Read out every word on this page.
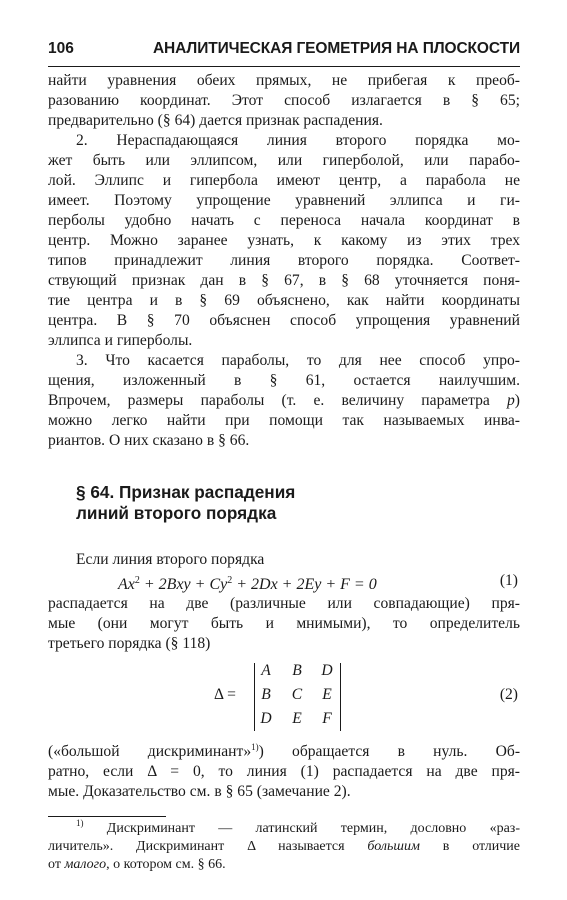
106	АНАЛИТИЧЕСКАЯ ГЕОМЕТРИЯ НА ПЛОСКОСТИ
найти уравнения обеих прямых, не прибегая к преоб-
разованию координат. Этот способ излагается в § 65;
предварительно (§ 64) дается признак распадения.
2. Нераспадающаяся линия второго порядка мо-
жет быть или эллипсом, или гиперболой, или парабо-
лой. Эллипс и гипербола имеют центр, а парабола не
имеет. Поэтому упрощение уравнений эллипса и ги-
перболы удобно начать с переноса начала координат в
центр. Можно заранее узнать, к какому из этих трех
типов принадлежит линия второго порядка. Соответ-
ствующий признак дан в § 67, в § 68 уточняется поня-
тие центра и в § 69 объяснено, как найти координаты
центра. В § 70 объяснен способ упрощения уравнений
эллипса и гиперболы.
3. Что касается параболы, то для нее способ упро-
щения, изложенный в § 61, остается наилучшим.
Впрочем, размеры параболы (т. е. величину параметра p)
можно легко найти при помощи так называемых инва-
риантов. О них сказано в § 66.
§ 64. Признак распадения
линий второго порядка
Если линия второго порядка
$Ax^2 + 2Bxy + Cy^2 + 2Dx + 2Ey + F = 0$	(1)
распадается на две (различные или совпадающие) пря-
мые (они могут быть и мнимыми), то определитель
третьего порядка (§ 118)
Δ =
A	B	D
B	C	E
D	E	F
(2)
(«большой дискриминант»$^{1)}$) обращается в нуль. Об-
ратно, если Δ = 0, то линия (1) распадается на две пря-
мые. Доказательство см. в § 65 (замечание 2).
$^{1)}$ Дискриминант — латинский термин, дословно «раз-
личитель». Дискриминант Δ называется большим в отличие
от малого, о котором см. § 66.
